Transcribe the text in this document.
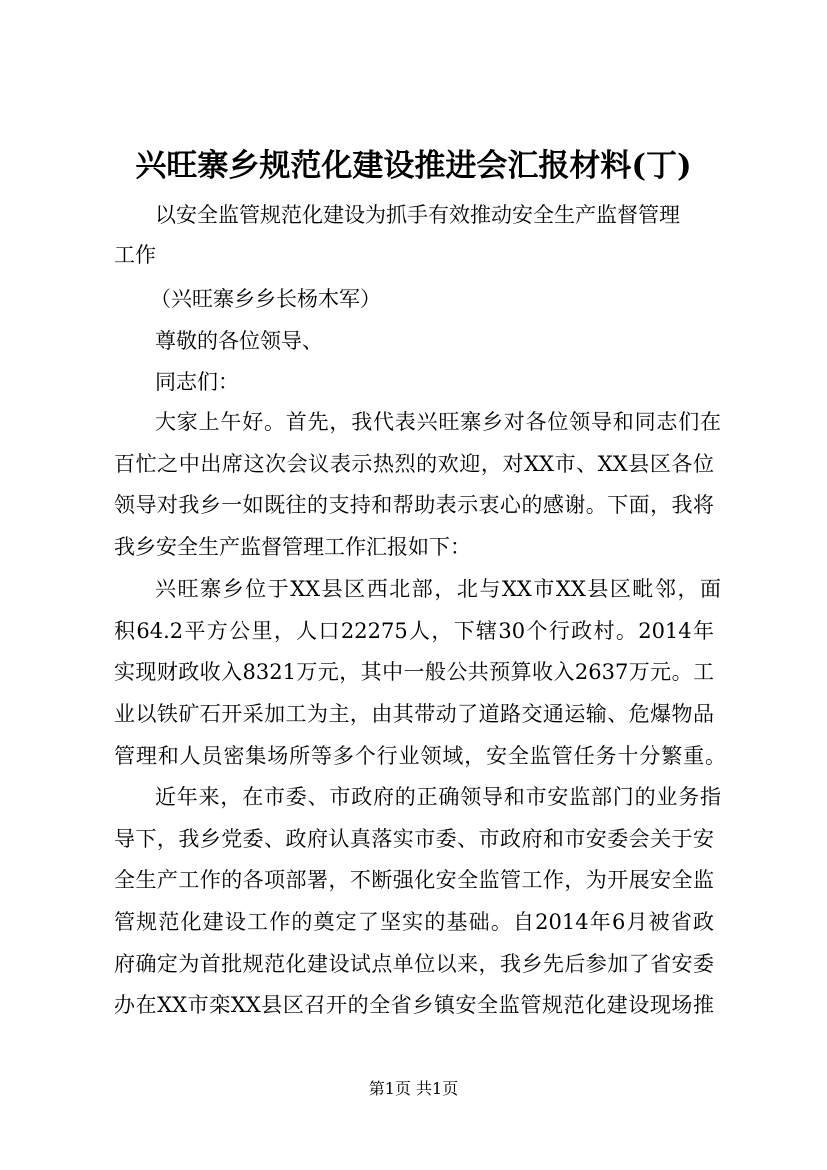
兴旺寨乡规范化建设推进会汇报材料(丁)
以安全监管规范化建设为抓手有效推动安全生产监督管理
工作
（兴旺寨乡乡长杨木军）
尊敬的各位领导、
同志们：
大家上午好。首先，我代表兴旺寨乡对各位领导和同志们在
百忙之中出席这次会议表示热烈的欢迎，对XX市、XX县区各位
领导对我乡一如既往的支持和帮助表示衷心的感谢。下面，我将
我乡安全生产监督管理工作汇报如下：
兴旺寨乡位于XX县区西北部，北与XX市XX县区毗邻，面
积64.2平方公里，人口22275人，下辖30个行政村。2014年
实现财政收入8321万元，其中一般公共预算收入2637万元。工
业以铁矿石开采加工为主，由其带动了道路交通运输、危爆物品
管理和人员密集场所等多个行业领域，安全监管任务十分繁重。
近年来，在市委、市政府的正确领导和市安监部门的业务指
导下，我乡党委、政府认真落实市委、市政府和市安委会关于安
全生产工作的各项部署，不断强化安全监管工作，为开展安全监
管规范化建设工作的奠定了坚实的基础。自2014年6月被省政
府确定为首批规范化建设试点单位以来，我乡先后参加了省安委
办在XX市栾XX县区召开的全省乡镇安全监管规范化建设现场推
第1页 共1页
